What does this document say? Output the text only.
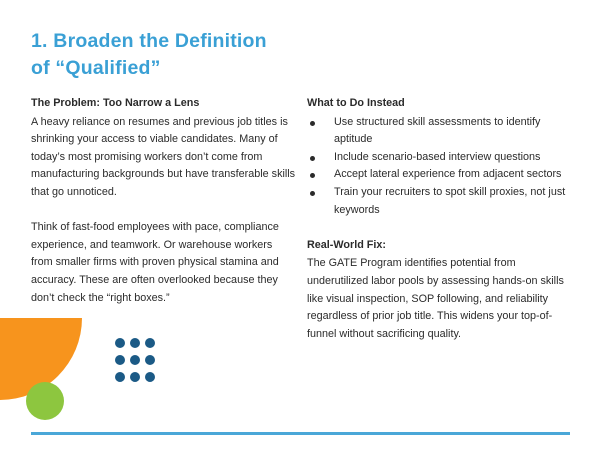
1. Broaden the Definition
of “Qualified”
The Problem: Too Narrow a Lens

A heavy reliance on resumes and previous job titles is shrinking your access to viable candidates. Many of today’s most promising workers don’t come from manufacturing backgrounds but have transferable skills that go unnoticed.

Think of fast-food employees with pace, compliance experience, and teamwork. Or warehouse workers from smaller firms with proven physical stamina and accuracy. These are often overlooked because they don’t check the “right boxes.”

What to Do Instead
Use structured skill assessments to identify aptitude
Include scenario-based interview questions
Accept lateral experience from adjacent sectors
Train your recruiters to spot skill proxies, not just keywords
Real-World Fix:

The GATE Program identifies potential from underutilized labor pools by assessing hands-on skills like visual inspection, SOP following, and reliability regardless of prior job title. This widens your top-of-funnel without sacrificing quality.
